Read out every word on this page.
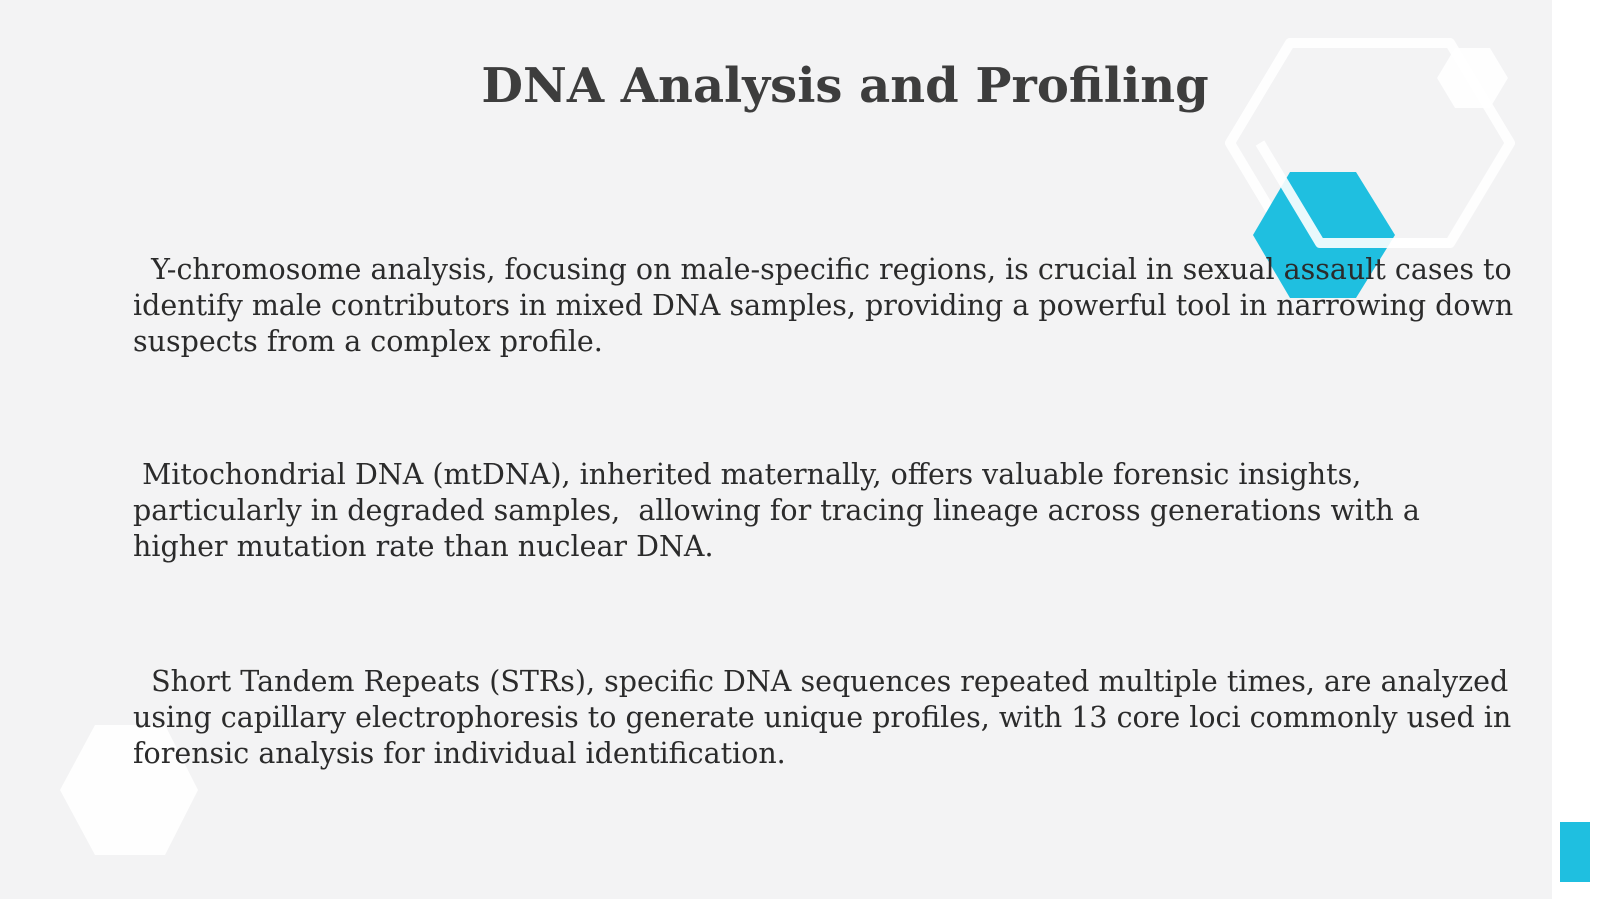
DNA Analysis and Profiling

Y-chromosome analysis, focusing on male-specific regions, is crucial in sexual assault cases to identify male contributors in mixed DNA samples, providing a powerful tool in narrowing down suspects from a complex profile.

Mitochondrial DNA (mtDNA), inherited maternally, offers valuable forensic insights, particularly in degraded samples,  allowing for tracing lineage across generations with a higher mutation rate than nuclear DNA.

Short Tandem Repeats (STRs), specific DNA sequences repeated multiple times, are analyzed using capillary electrophoresis to generate unique profiles, with 13 core loci commonly used in forensic analysis for individual identification.
